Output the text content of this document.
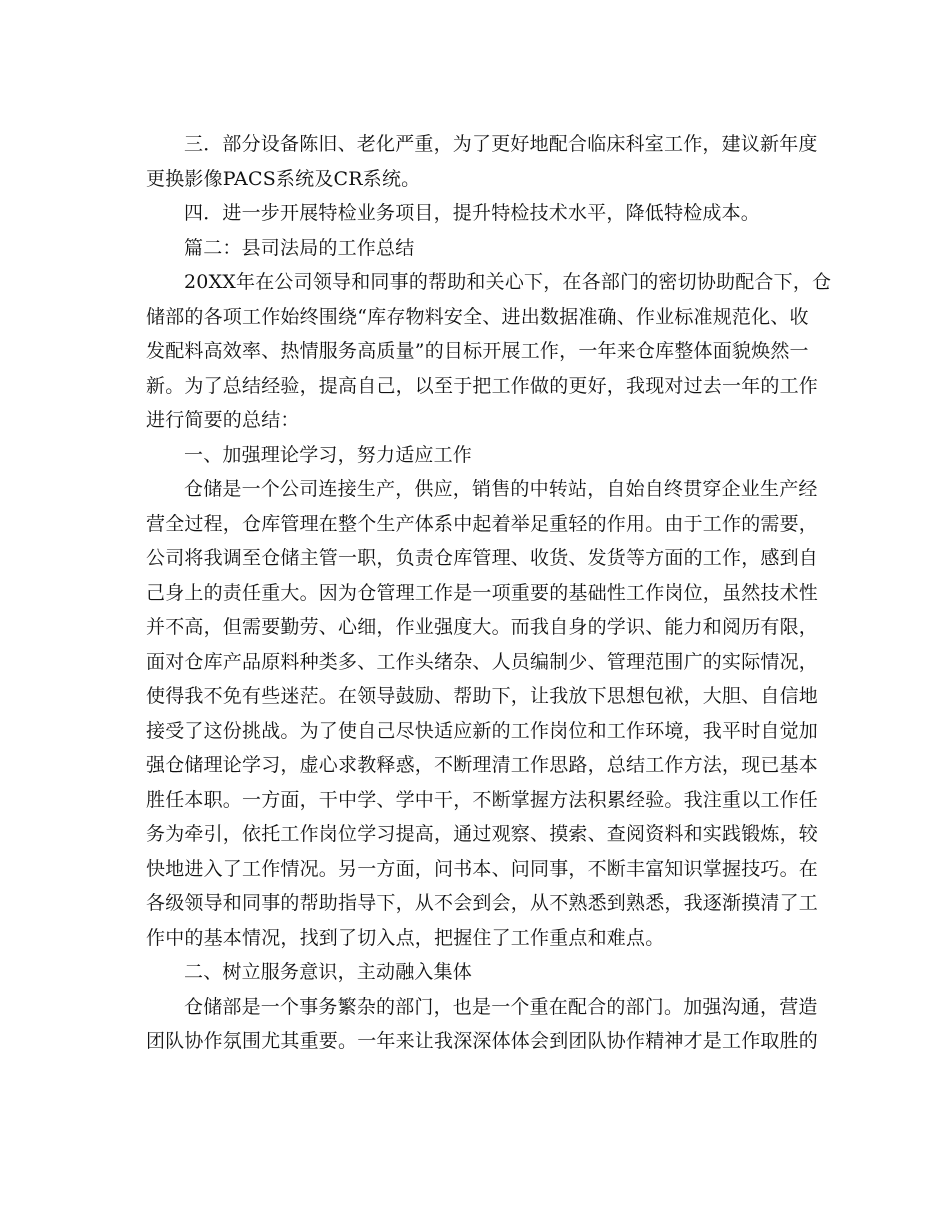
三．部分设备陈旧、老化严重，为了更好地配合临床科室工作，建议新年度
更换影像PACS系统及CR系统。
四．进一步开展特检业务项目，提升特检技术水平，降低特检成本。
篇二：县司法局的工作总结
20XX年在公司领导和同事的帮助和关心下，在各部门的密切协助配合下，仓
储部的各项工作始终围绕“库存物料安全、进出数据准确、作业标准规范化、收
发配料高效率、热情服务高质量”的目标开展工作，一年来仓库整体面貌焕然一
新。为了总结经验，提高自己，以至于把工作做的更好，我现对过去一年的工作
进行简要的总结：
一、加强理论学习，努力适应工作
仓储是一个公司连接生产，供应，销售的中转站，自始自终贯穿企业生产经
营全过程，仓库管理在整个生产体系中起着举足重轻的作用。由于工作的需要，
公司将我调至仓储主管一职，负责仓库管理、收货、发货等方面的工作，感到自
己身上的责任重大。因为仓管理工作是一项重要的基础性工作岗位，虽然技术性
并不高，但需要勤劳、心细，作业强度大。而我自身的学识、能力和阅历有限，
面对仓库产品原料种类多、工作头绪杂、人员编制少、管理范围广的实际情况，
使得我不免有些迷茫。在领导鼓励、帮助下，让我放下思想包袱，大胆、自信地
接受了这份挑战。为了使自己尽快适应新的工作岗位和工作环境，我平时自觉加
强仓储理论学习，虚心求教释惑，不断理清工作思路，总结工作方法，现已基本
胜任本职。一方面，干中学、学中干，不断掌握方法积累经验。我注重以工作任
务为牵引，依托工作岗位学习提高，通过观察、摸索、查阅资料和实践锻炼，较
快地进入了工作情况。另一方面，问书本、问同事，不断丰富知识掌握技巧。在
各级领导和同事的帮助指导下，从不会到会，从不熟悉到熟悉，我逐渐摸清了工
作中的基本情况，找到了切入点，把握住了工作重点和难点。
二、树立服务意识，主动融入集体
仓储部是一个事务繁杂的部门，也是一个重在配合的部门。加强沟通，营造
团队协作氛围尤其重要。一年来让我深深体体会到团队协作精神才是工作取胜的
